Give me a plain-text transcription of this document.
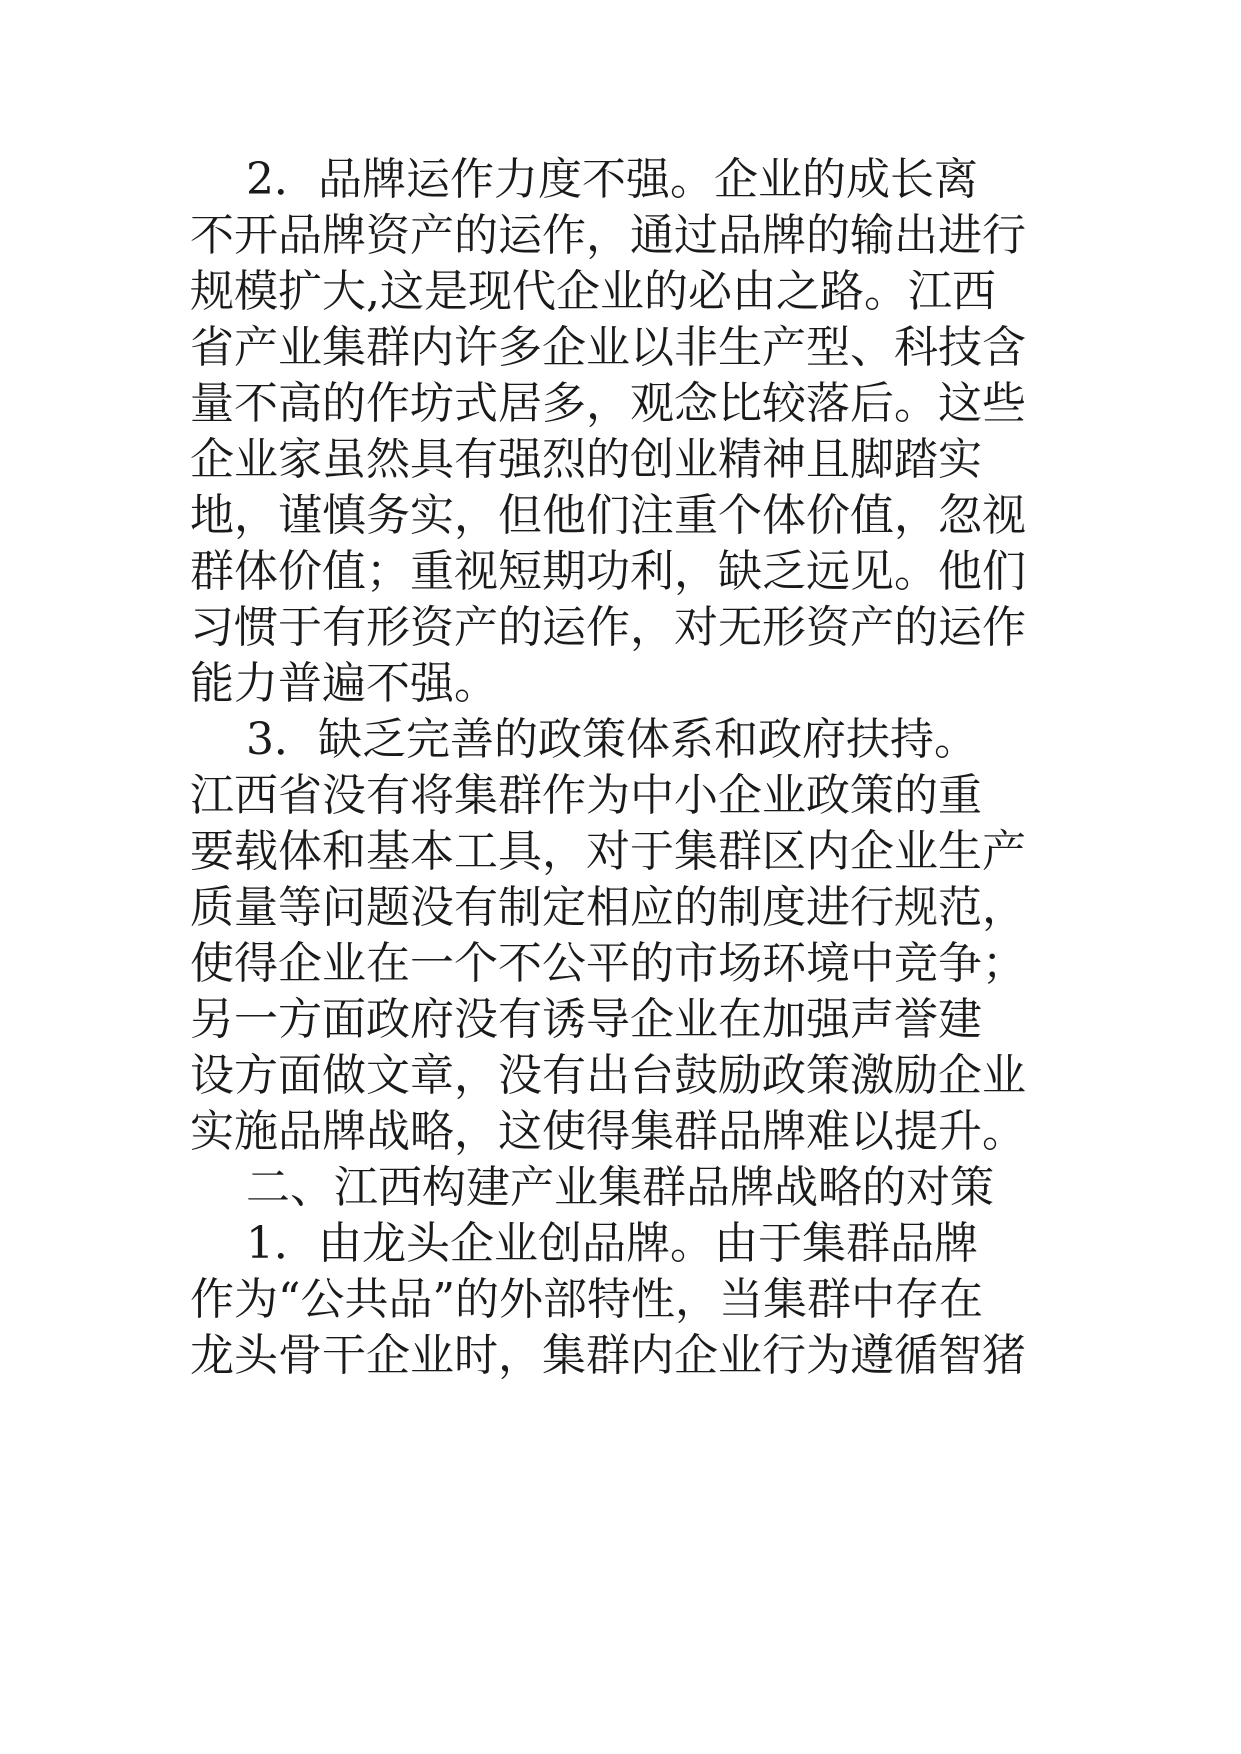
2．品牌运作力度不强。企业的成长离
不开品牌资产的运作，通过品牌的输出进行
规模扩大,这是现代企业的必由之路。江西
省产业集群内许多企业以非生产型、科技含
量不高的作坊式居多，观念比较落后。这些
企业家虽然具有强烈的创业精神且脚踏实
地，谨慎务实，但他们注重个体价值，忽视
群体价值；重视短期功利，缺乏远见。他们
习惯于有形资产的运作，对无形资产的运作
能力普遍不强。
3．缺乏完善的政策体系和政府扶持。
江西省没有将集群作为中小企业政策的重
要载体和基本工具，对于集群区内企业生产
质量等问题没有制定相应的制度进行规范，
使得企业在一个不公平的市场环境中竞争；
另一方面政府没有诱导企业在加强声誉建
设方面做文章，没有出台鼓励政策激励企业
实施品牌战略，这使得集群品牌难以提升。
二、江西构建产业集群品牌战略的对策
1．由龙头企业创品牌。由于集群品牌
作为“公共品”的外部特性，当集群中存在
龙头骨干企业时，集群内企业行为遵循智猪
